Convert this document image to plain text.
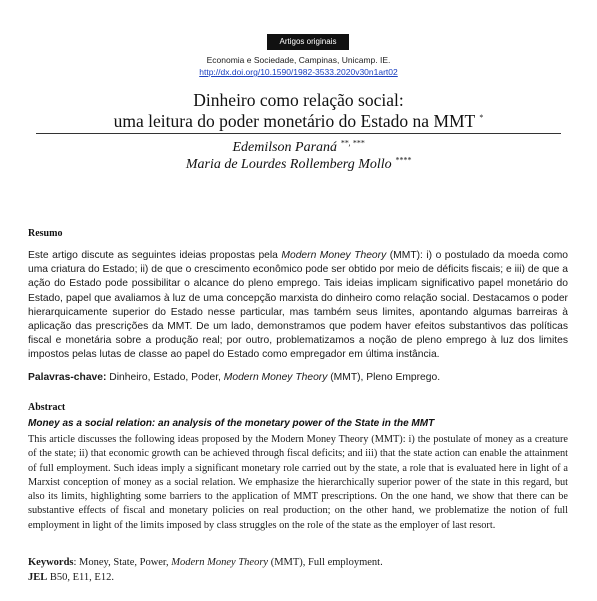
Artigos originais
Economia e Sociedade, Campinas, Unicamp. IE.
http://dx.doi.org/10.1590/1982-3533.2020v30n1art02
Dinheiro como relação social:
uma leitura do poder monetário do Estado na MMT *
Edemilson Paraná **, ***
Maria de Lourdes Rollemberg Mollo ****
Resumo
Este artigo discute as seguintes ideias propostas pela Modern Money Theory (MMT): i) o postulado da moeda como uma criatura do Estado; ii) de que o crescimento econômico pode ser obtido por meio de déficits fiscais; e iii) de que a ação do Estado pode possibilitar o alcance do pleno emprego. Tais ideias implicam significativo papel monetário do Estado, papel que avaliamos à luz de uma concepção marxista do dinheiro como relação social. Destacamos o poder hierarquicamente superior do Estado nesse particular, mas também seus limites, apontando algumas barreiras à aplicação das prescrições da MMT. De um lado, demonstramos que podem haver efeitos substantivos das políticas fiscal e monetária sobre a produção real; por outro, problematizamos a noção de pleno emprego à luz dos limites impostos pelas lutas de classe ao papel do Estado como empregador em última instância.
Palavras-chave: Dinheiro, Estado, Poder, Modern Money Theory (MMT), Pleno Emprego.
Abstract
Money as a social relation: an analysis of the monetary power of the State in the MMT
This article discusses the following ideas proposed by the Modern Money Theory (MMT): i) the postulate of money as a creature of the state; ii) that economic growth can be achieved through fiscal deficits; and iii) that the state action can enable the attainment of full employment. Such ideas imply a significant monetary role carried out by the state, a role that is evaluated here in light of a Marxist conception of money as a social relation. We emphasize the hierarchically superior power of the state in this regard, but also its limits, highlighting some barriers to the application of MMT prescriptions. On the one hand, we show that there can be substantive effects of fiscal and monetary policies on real production; on the other hand, we problematize the notion of full employment in light of the limits imposed by class struggles on the role of the state as the employer of last resort.
Keywords: Money, State, Power, Modern Money Theory (MMT), Full employment.
JEL B50, E11, E12.
